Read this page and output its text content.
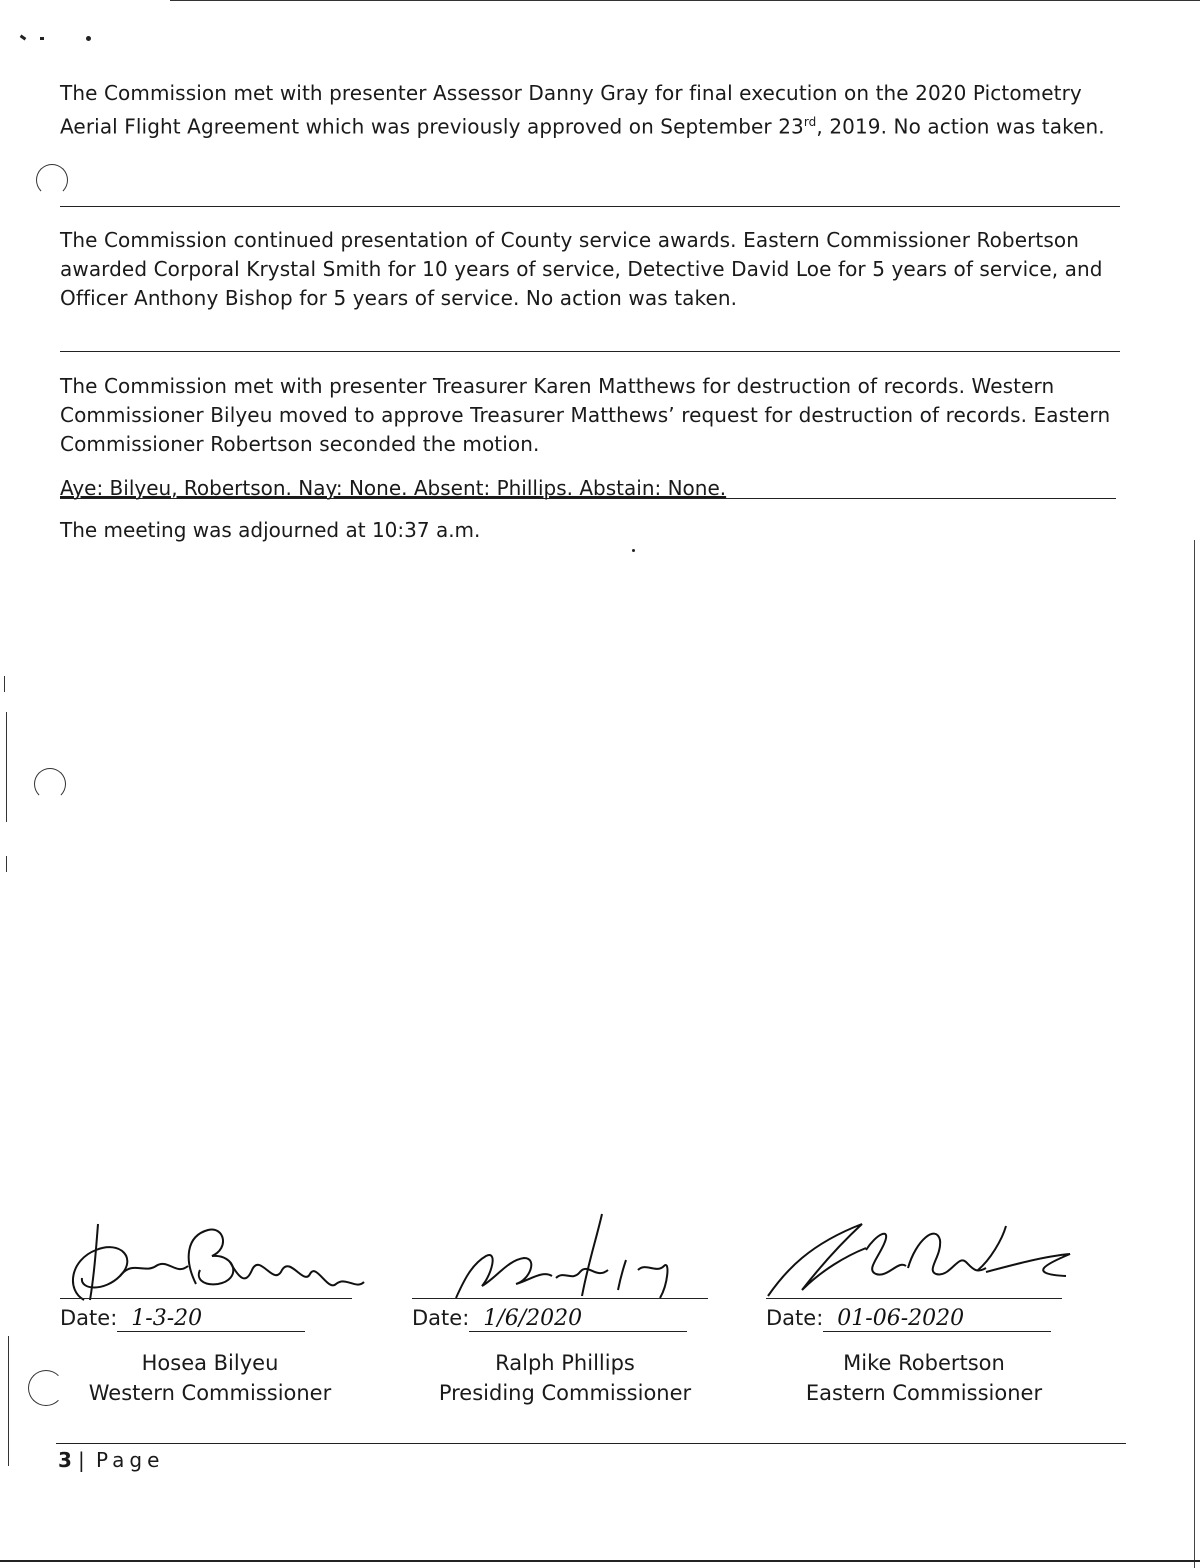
The Commission met with presenter Assessor Danny Gray for final execution on the 2020 Pictometry Aerial Flight Agreement which was previously approved on September 23rd, 2019. No action was taken.

The Commission continued presentation of County service awards. Eastern Commissioner Robertson awarded Corporal Krystal Smith for 10 years of service, Detective David Loe for 5 years of service, and Officer Anthony Bishop for 5 years of service. No action was taken.

The Commission met with presenter Treasurer Karen Matthews for destruction of records. Western Commissioner Bilyeu moved to approve Treasurer Matthews’ request for destruction of records. Eastern Commissioner Robertson seconded the motion.

Aye: Bilyeu, Robertson. Nay: None. Absent: Phillips. Abstain: None.
The meeting was adjourned at 10:37 a.m.
Date: 1-3-20
Hosea Bilyeu
Western Commissioner
Date: 1/6/2020
Ralph Phillips
Presiding Commissioner
Date: 01-06-2020
Mike Robertson
Eastern Commissioner
3 | Page
